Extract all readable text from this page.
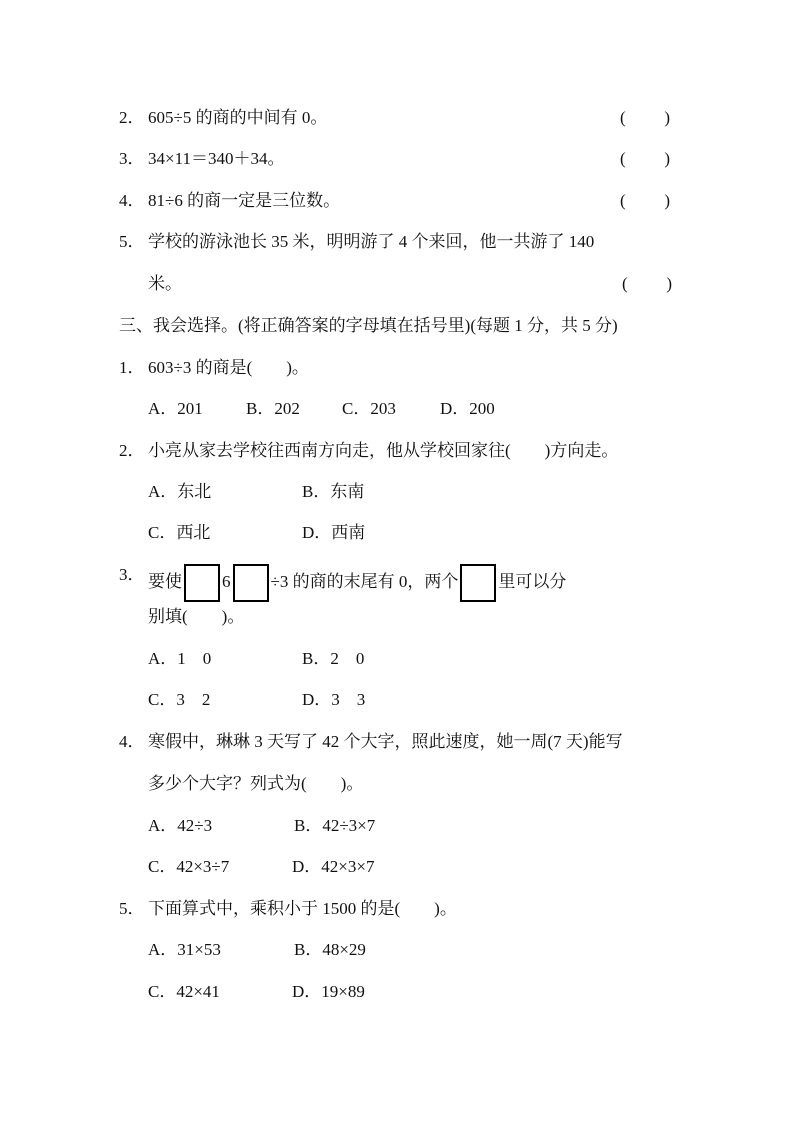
2． 605÷5 的商的中间有 0。	( )
3． 34×11＝340＋34。	( )
4． 81÷6 的商一定是三位数。	( )
5． 学校的游泳池长 35 米，明明游了 4 个来回，他一共游了 140
米。	( )
三、我会选择。(将正确答案的字母填在括号里)(每题 1 分，共 5 分)
1． 603÷3 的商是(　　)。
A．201	B．202 C．203	D．200
2． 小亮从家去学校往西南方向走，他从学校回家往(　　)方向走。
A．东北	B．东南
C．西北	D．西南
3． 要使 6 ÷3 的商的末尾有 0，两个 里可以分
别填(　　)。
A．1　0	B．2　0
C．3　2	D．3　3
4． 寒假中，琳琳 3 天写了 42 个大字，照此速度，她一周(7 天)能写
多少个大字？列式为(　　)。
A．42÷3	B．42÷3×7
C．42×3÷7	D．42×3×7
5． 下面算式中，乘积小于 1500 的是(　　)。
A．31×53	B．48×29
C．42×41	D．19×89
